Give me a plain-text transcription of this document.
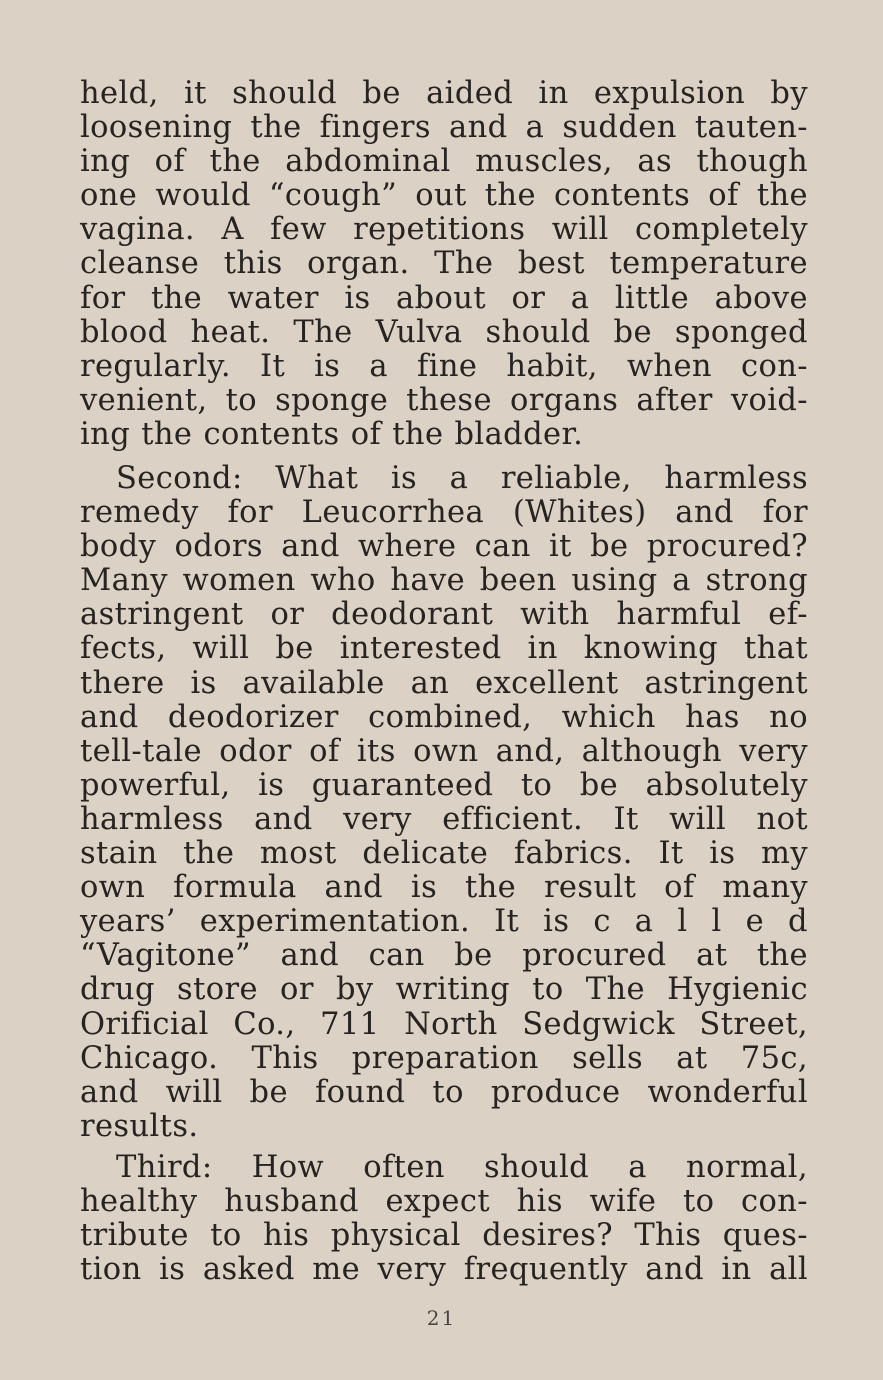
held, it should be aided in expulsion by
loosening the fingers and a sudden tauten-
ing of the abdominal muscles, as though
one would “cough” out the contents of the
vagina. A few repetitions will completely
cleanse this organ. The best temperature
for the water is about or a little above
blood heat. The Vulva should be sponged
regularly. It is a fine habit, when con-
venient, to sponge these organs after void-
ing the contents of the bladder.
Second: What is a reliable, harmless
remedy for Leucorrhea (Whites) and for
body odors and where can it be procured?
Many women who have been using a strong
astringent or deodorant with harmful ef-
fects, will be interested in knowing that
there is available an excellent astringent
and deodorizer combined, which has no
tell-tale odor of its own and, although very
powerful, is guaranteed to be absolutely
harmless and very efficient. It will not
stain the most delicate fabrics. It is my
own formula and is the result of many
years’ experimentation. It is c a l l e d
“Vagitone” and can be procured at the
drug store or by writing to The Hygienic
Orificial Co., 711 North Sedgwick Street,
Chicago. This preparation sells at 75c,
and will be found to produce wonderful
results.
Third: How often should a normal,
healthy husband expect his wife to con-
tribute to his physical desires? This ques-
tion is asked me very frequently and in all
21
